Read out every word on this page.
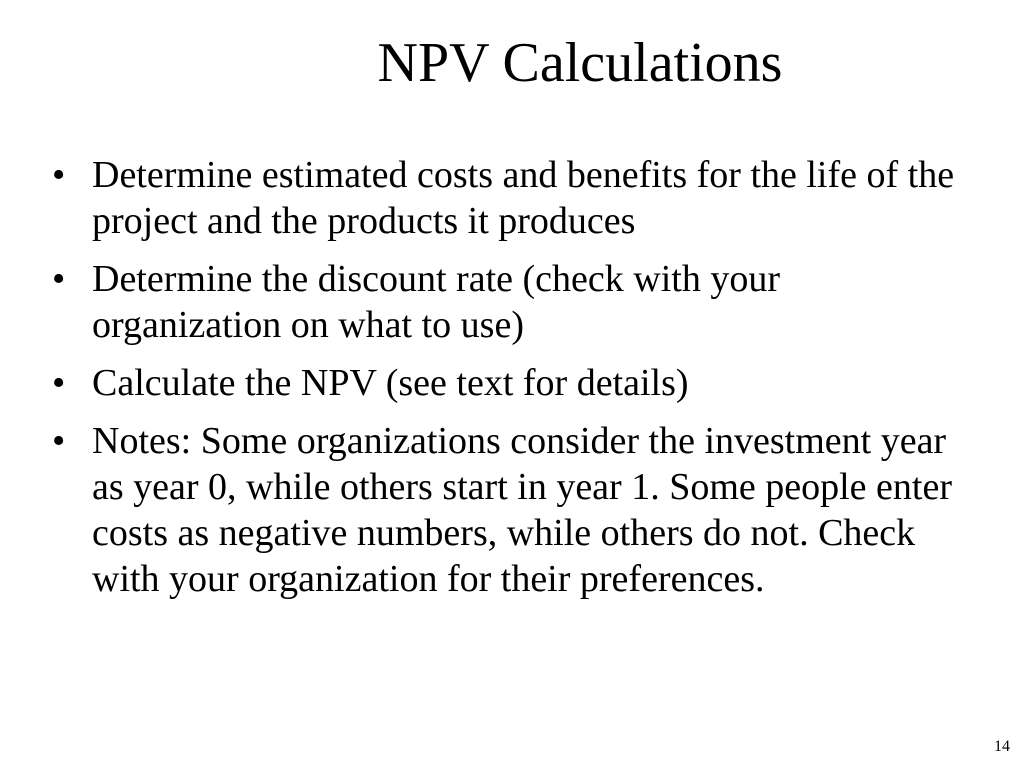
NPV Calculations
• Determine estimated costs and benefits for the life of the project and the products it produces
• Determine the discount rate (check with your organization on what to use)
• Calculate the NPV (see text for details)
• Notes: Some organizations consider the investment year as year 0, while others start in year 1. Some people enter costs as negative numbers, while others do not. Check with your organization for their preferences.
14
